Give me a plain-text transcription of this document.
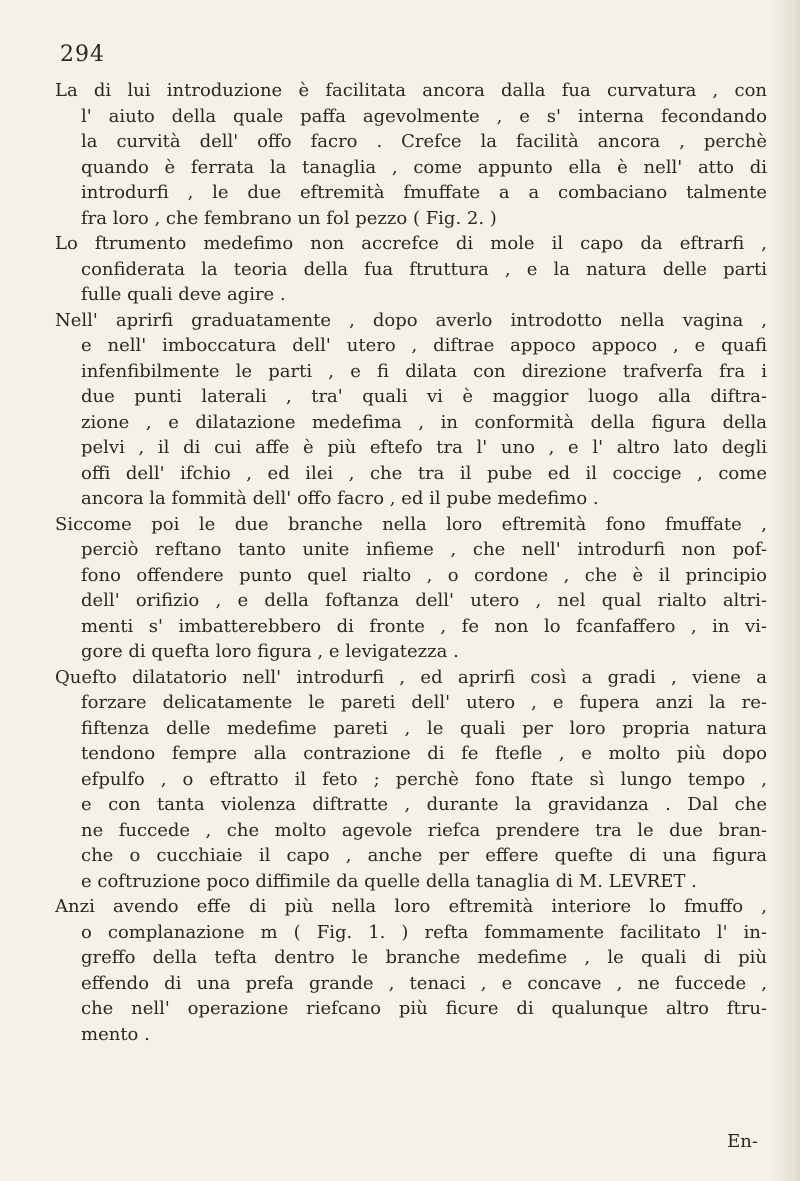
294
La di lui introduzione è facilitata ancora dalla fua curvatura , con
l' aiuto della quale paffa agevolmente , e s' interna fecondando
la curvità dell' offo facro . Crefce la facilità ancora , perchè
quando è ferrata la tanaglia , come appunto ella è nell' atto di
introdurfi , le due eftremità fmuffate a a combaciano talmente
fra loro , che fembrano un fol pezzo ( Fig. 2. )
Lo ftrumento medefimo non accrefce di mole il capo da eftrarfi ,
confiderata la teoria della fua ftruttura , e la natura delle parti
fulle quali deve agire .
Nell' aprirfi graduatamente , dopo averlo introdotto nella vagina ,
e nell' imboccatura dell' utero , diftrae appoco appoco , e quafi
infenfibilmente le parti , e fi dilata con direzione trafverfa fra i
due punti laterali , tra' quali vi è maggior luogo alla diftra-
zione , e dilatazione medefima , in conformità della figura della
pelvi , il di cui affe è più eftefo tra l' uno , e l' altro lato degli
offi dell' ifchio , ed ilei , che tra il pube ed il coccige , come
ancora la fommità dell' offo facro , ed il pube medefimo .
Siccome poi le due branche nella loro eftremità fono fmuffate ,
perciò reftano tanto unite infieme , che nell' introdurfi non pof-
fono offendere punto quel rialto , o cordone , che è il principio
dell' orifizio , e della foftanza dell' utero , nel qual rialto altri-
menti s' imbatterebbero di fronte , fe non lo fcanfaffero , in vi-
gore di quefta loro figura , e levigatezza .
Quefto dilatatorio nell' introdurfi , ed aprirfi così a gradi , viene a
forzare delicatamente le pareti dell' utero , e fupera anzi la re-
fiftenza delle medefime pareti , le quali per loro propria natura
tendono fempre alla contrazione di fe ftefle , e molto più dopo
efpulfo , o eftratto il feto ; perchè fono ftate sì lungo tempo ,
e con tanta violenza diftratte , durante la gravidanza . Dal che
ne fuccede , che molto agevole riefca prendere tra le due bran-
che o cucchiaie il capo , anche per effere quefte di una figura
e coftruzione poco diffimile da quelle della tanaglia di M. LEVRET .
Anzi avendo effe di più nella loro eftremità interiore lo fmuffo ,
o complanazione m ( Fig. 1. ) refta fommamente facilitato l' in-
greffo della tefta dentro le branche medefime , le quali di più
effendo di una prefa grande , tenaci , e concave , ne fuccede ,
che nell' operazione riefcano più ficure di qualunque altro ftru-
mento .
En-
